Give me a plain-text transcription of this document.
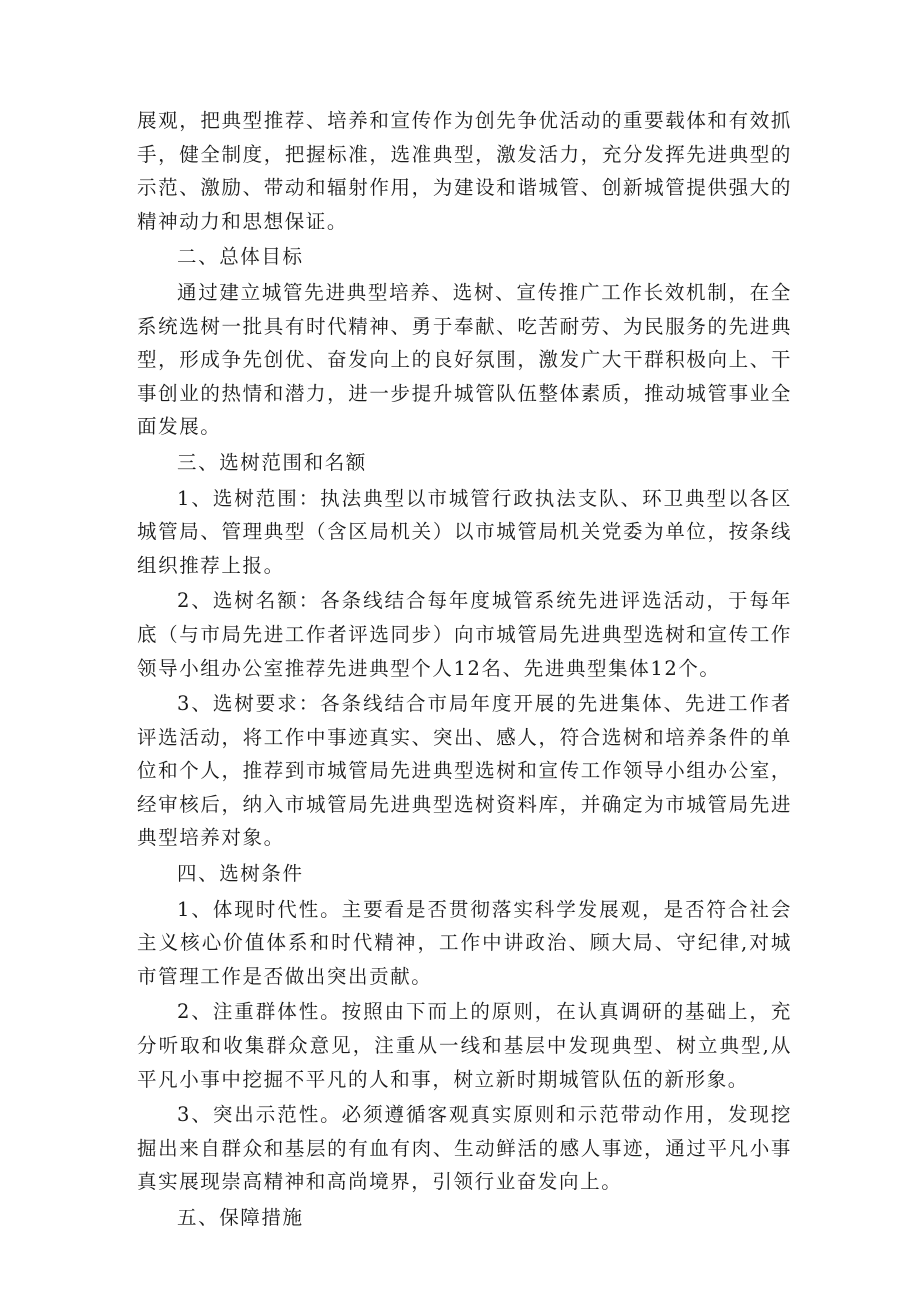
展观，把典型推荐、培养和宣传作为创先争优活动的重要载体和有效抓手，健全制度，把握标准，选准典型，激发活力，充分发挥先进典型的示范、激励、带动和辐射作用，为建设和谐城管、创新城管提供强大的精神动力和思想保证。

二、总体目标

通过建立城管先进典型培养、选树、宣传推广工作长效机制，在全系统选树一批具有时代精神、勇于奉献、吃苦耐劳、为民服务的先进典型，形成争先创优、奋发向上的良好氛围，激发广大干群积极向上、干事创业的热情和潜力，进一步提升城管队伍整体素质，推动城管事业全面发展。

三、选树范围和名额

1、选树范围：执法典型以市城管行政执法支队、环卫典型以各区城管局、管理典型（含区局机关）以市城管局机关党委为单位，按条线组织推荐上报。

2、选树名额：各条线结合每年度城管系统先进评选活动，于每年底（与市局先进工作者评选同步）向市城管局先进典型选树和宣传工作领导小组办公室推荐先进典型个人12名、先进典型集体12个。

3、选树要求：各条线结合市局年度开展的先进集体、先进工作者评选活动，将工作中事迹真实、突出、感人，符合选树和培养条件的单位和个人，推荐到市城管局先进典型选树和宣传工作领导小组办公室，经审核后，纳入市城管局先进典型选树资料库，并确定为市城管局先进典型培养对象。

四、选树条件

1、体现时代性。主要看是否贯彻落实科学发展观，是否符合社会主义核心价值体系和时代精神，工作中讲政治、顾大局、守纪律,对城市管理工作是否做出突出贡献。

2、注重群体性。按照由下而上的原则，在认真调研的基础上，充分听取和收集群众意见，注重从一线和基层中发现典型、树立典型,从平凡小事中挖掘不平凡的人和事，树立新时期城管队伍的新形象。

3、突出示范性。必须遵循客观真实原则和示范带动作用，发现挖掘出来自群众和基层的有血有肉、生动鲜活的感人事迹，通过平凡小事真实展现崇高精神和高尚境界，引领行业奋发向上。

五、保障措施
